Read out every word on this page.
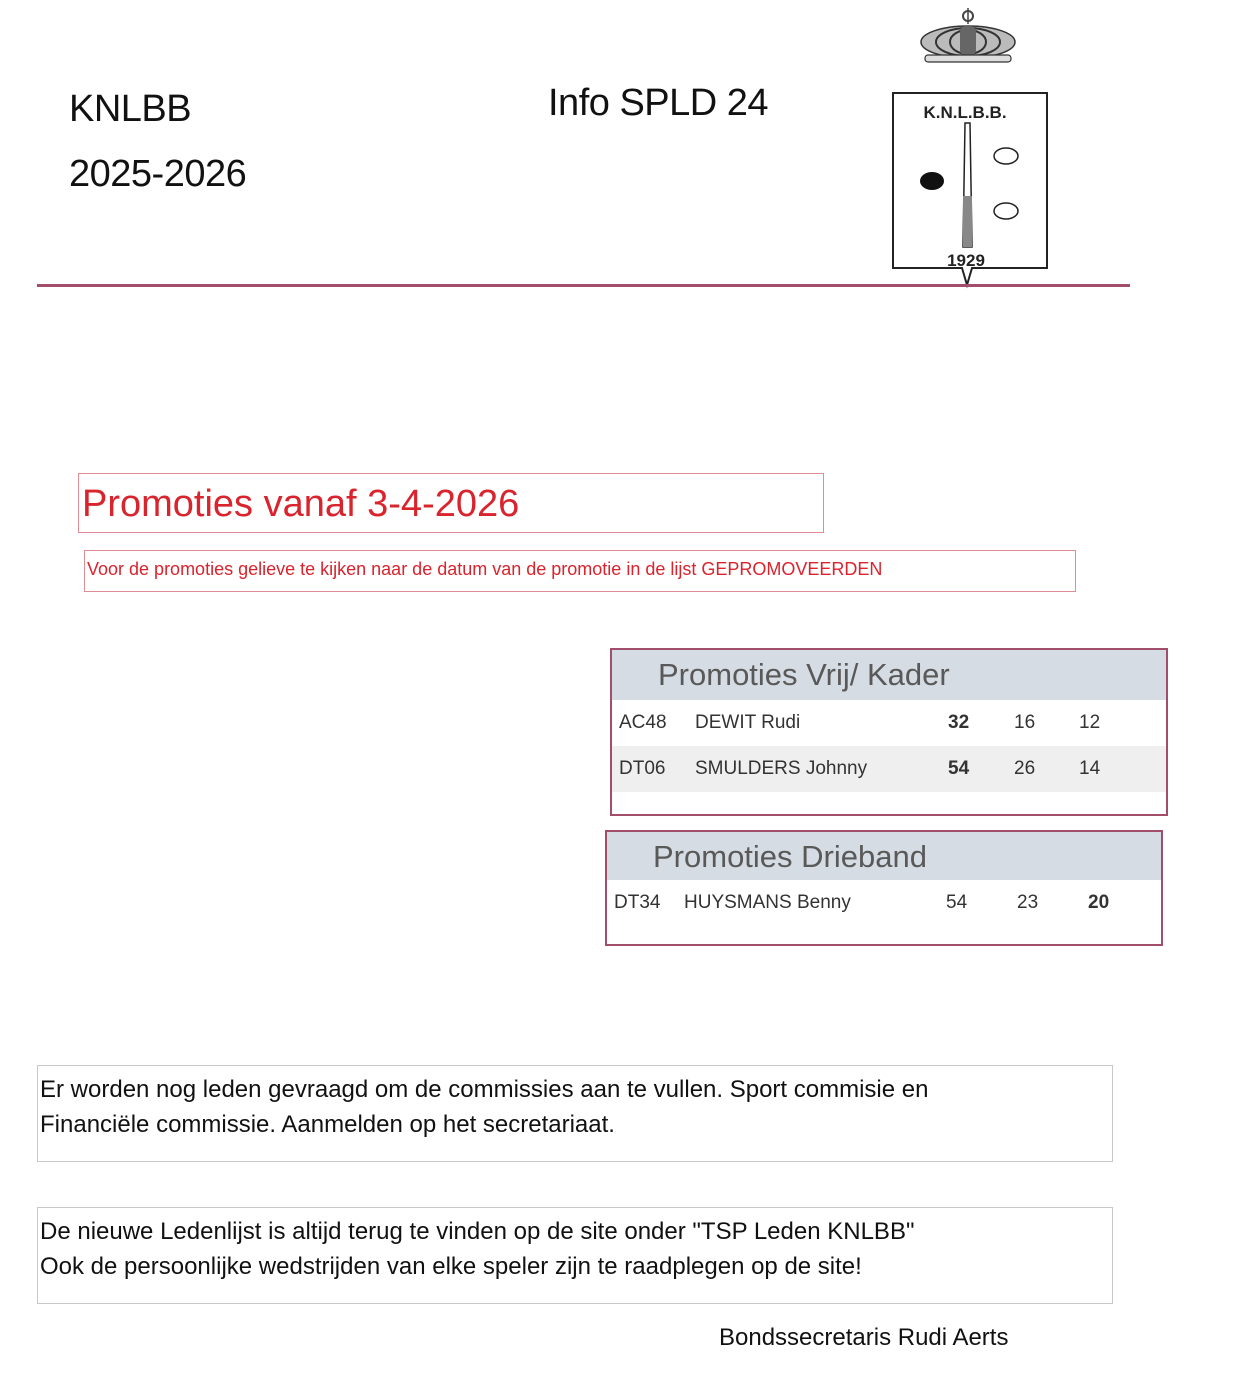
KNLBB
2025-2026
Info SPLD 24	K.N.L.B.B.
1929
Promoties vanaf 3-4-2026
Voor de promoties gelieve te kijken naar de datum van de promotie in de lijst GEPROMOVEERDEN
Promoties Vrij/ Kader
AC48 DEWIT Rudi	32 16 12
DT06 SMULDERS Johnny	54 26 14
Promoties Drieband
DT34 HUYSMANS Benny	54	23	20
Er worden nog leden gevraagd om de commissies aan te vullen. Sport commisie en
Financiële commissie. Aanmelden op het secretariaat.
De nieuwe Ledenlijst is altijd terug te vinden op de site onder "TSP Leden KNLBB"
Ook de persoonlijke wedstrijden van elke speler zijn te raadplegen op de site!
Bondssecretaris Rudi Aerts
